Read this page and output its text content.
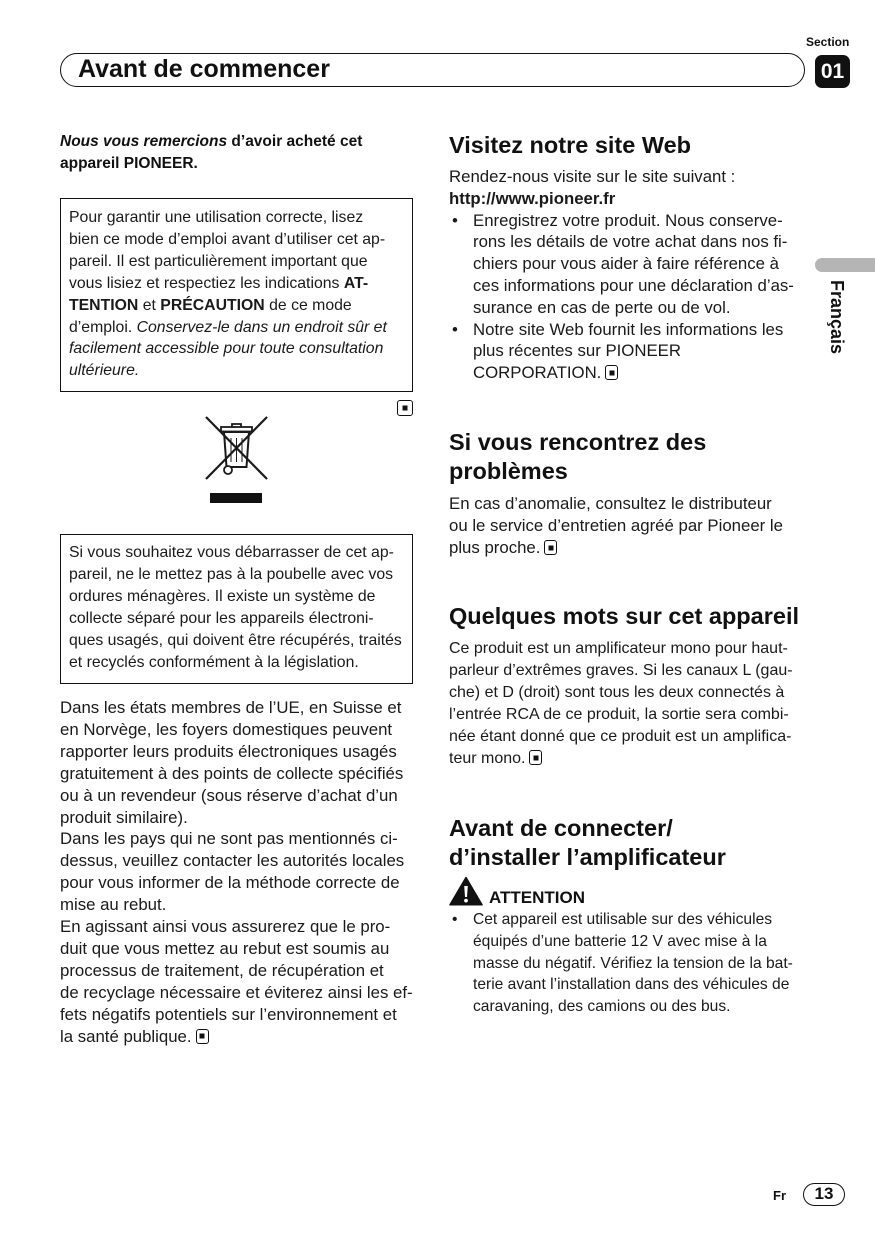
Section
Avant de commencer	01
Français
Nous vous remercions d’avoir acheté cet
appareil PIONEER.
Pour garantir une utilisation correcte, lisez
bien ce mode d’emploi avant d’utiliser cet ap-
pareil. Il est particulièrement important que
vous lisiez et respectiez les indications AT-
TENTION et PRÉCAUTION de ce mode
d’emploi. Conservez-le dans un endroit sûr et
facilement accessible pour toute consultation
ultérieure.
Si vous souhaitez vous débarrasser de cet ap-
pareil, ne le mettez pas à la poubelle avec vos
ordures ménagères. Il existe un système de
collecte séparé pour les appareils électroni-
ques usagés, qui doivent être récupérés, traités
et recyclés conformément à la législation.
Dans les états membres de l’UE, en Suisse et
en Norvège, les foyers domestiques peuvent
rapporter leurs produits électroniques usagés
gratuitement à des points de collecte spécifiés
ou à un revendeur (sous réserve d’achat d’un
produit similaire).
Dans les pays qui ne sont pas mentionnés ci-
dessus, veuillez contacter les autorités locales
pour vous informer de la méthode correcte de
mise au rebut.
En agissant ainsi vous assurerez que le pro-
duit que vous mettez au rebut est soumis au
processus de traitement, de récupération et
de recyclage nécessaire et éviterez ainsi les ef-
fets négatifs potentiels sur l’environnement et
la santé publique.
Visitez notre site Web
Rendez-nous visite sur le site suivant :
http://www.pioneer.fr
• Enregistrez votre produit. Nous conserve-
rons les détails de votre achat dans nos fi-
chiers pour vous aider à faire référence à
ces informations pour une déclaration d’as-
surance en cas de perte ou de vol.
• Notre site Web fournit les informations les
plus récentes sur PIONEER
CORPORATION.
Si vous rencontrez des
problèmes
En cas d’anomalie, consultez le distributeur
ou le service d’entretien agréé par Pioneer le
plus proche.
Quelques mots sur cet appareil
Ce produit est un amplificateur mono pour haut-
parleur d’extrêmes graves. Si les canaux L (gau-
che) et D (droit) sont tous les deux connectés à
l’entrée RCA de ce produit, la sortie sera combi-
née étant donné que ce produit est un amplifica-
teur mono.
Avant de connecter/
d’installer l’amplificateur
ATTENTION
• Cet appareil est utilisable sur des véhicules
équipés d’une batterie 12 V avec mise à la
masse du négatif. Vérifiez la tension de la bat-
terie avant l’installation dans des véhicules de
caravaning, des camions ou des bus.
Fr	13
